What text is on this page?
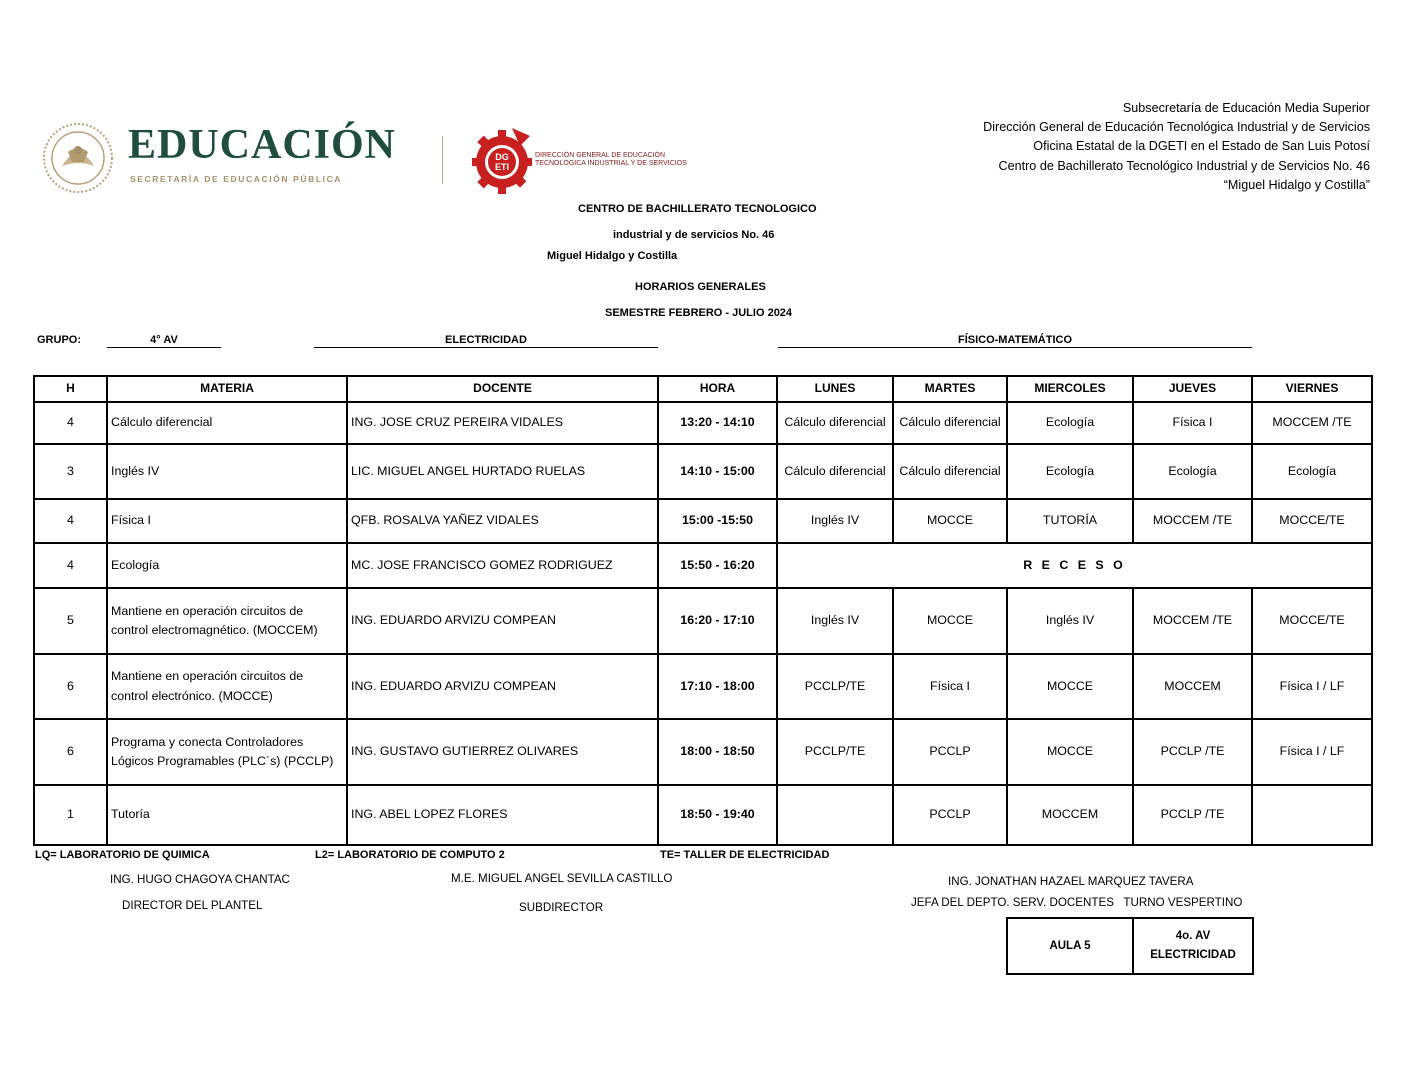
EDUCACIÓN
SECRETARÍA DE EDUCACIÓN PÚBLICA
DG
ETI
DIRECCIÓN GENERAL DE EDUCACIÓN
TECNOLÓGICA INDUSTRIAL Y DE SERVICIOS
Subsecretaría de Educación Media Superior
Dirección General de Educación Tecnológica Industrial y de Servicios
Oficina Estatal de la DGETI en el Estado de San Luis Potosí
Centro de Bachillerato Tecnológico Industrial y de Servicios No. 46
“Miguel Hidalgo y Costilla”
CENTRO DE BACHILLERATO TECNOLOGICO
industrial y de servicios No. 46
Miguel Hidalgo y Costilla
HORARIOS GENERALES
SEMESTRE FEBRERO - JULIO 2024
GRUPO:	4° AV	ELECTRICIDAD	FÍSICO-MATEMÁTICO
H	MATERIA	DOCENTE	HORA	LUNES	MARTES	MIERCOLES	JUEVES	VIERNES
4	Cálculo diferencial	ING. JOSE CRUZ PEREIRA VIDALES	13:20 - 14:10	Cálculo diferencial	Cálculo diferencial	Ecología	Física I	MOCCEM /TE
3	Inglés IV	LIC. MIGUEL ANGEL HURTADO RUELAS	14:10 - 15:00	Cálculo diferencial	Cálculo diferencial	Ecología	Ecología	Ecología
4	Física I	QFB. ROSALVA YAÑEZ VIDALES	15:00 -15:50	Inglés IV	MOCCE	TUTORÍA	MOCCEM /TE	MOCCE/TE
4	Ecología	MC. JOSE FRANCISCO GOMEZ RODRIGUEZ	15:50 - 16:20	R E C E S O				
5	Mantiene en operación circuitos de control electromagnético. (MOCCEM)	ING. EDUARDO ARVIZU COMPEAN	16:20 - 17:10	Inglés IV	MOCCE	Inglés IV	MOCCEM /TE	MOCCE/TE
6	Mantiene en operación circuitos de control electrónico. (MOCCE)	ING. EDUARDO ARVIZU COMPEAN	17:10 - 18:00	PCCLP/TE	Física I	MOCCE	MOCCEM	Física I / LF
6	Programa y conecta Controladores Lógicos Programables (PLC´s) (PCCLP)	ING. GUSTAVO GUTIERREZ OLIVARES	18:00 - 18:50	PCCLP/TE	PCCLP	MOCCE	PCCLP /TE	Física I / LF
1	Tutoría	ING. ABEL LOPEZ FLORES	18:50 - 19:40		PCCLP	MOCCEM	PCCLP /TE	
LQ= LABORATORIO DE QUIMICA	L2= LABORATORIO DE COMPUTO 2	TE= TALLER DE ELECTRICIDAD
ING. HUGO CHAGOYA CHANTAC
DIRECTOR DEL PLANTEL
M.E. MIGUEL ANGEL SEVILLA CASTILLO
SUBDIRECTOR
ING. JONATHAN HAZAEL MARQUEZ TAVERA
JEFA DEL DEPTO. SERV. DOCENTES   TURNO VESPERTINO
AULA 5	
4o. AV
ELECTRICIDAD
